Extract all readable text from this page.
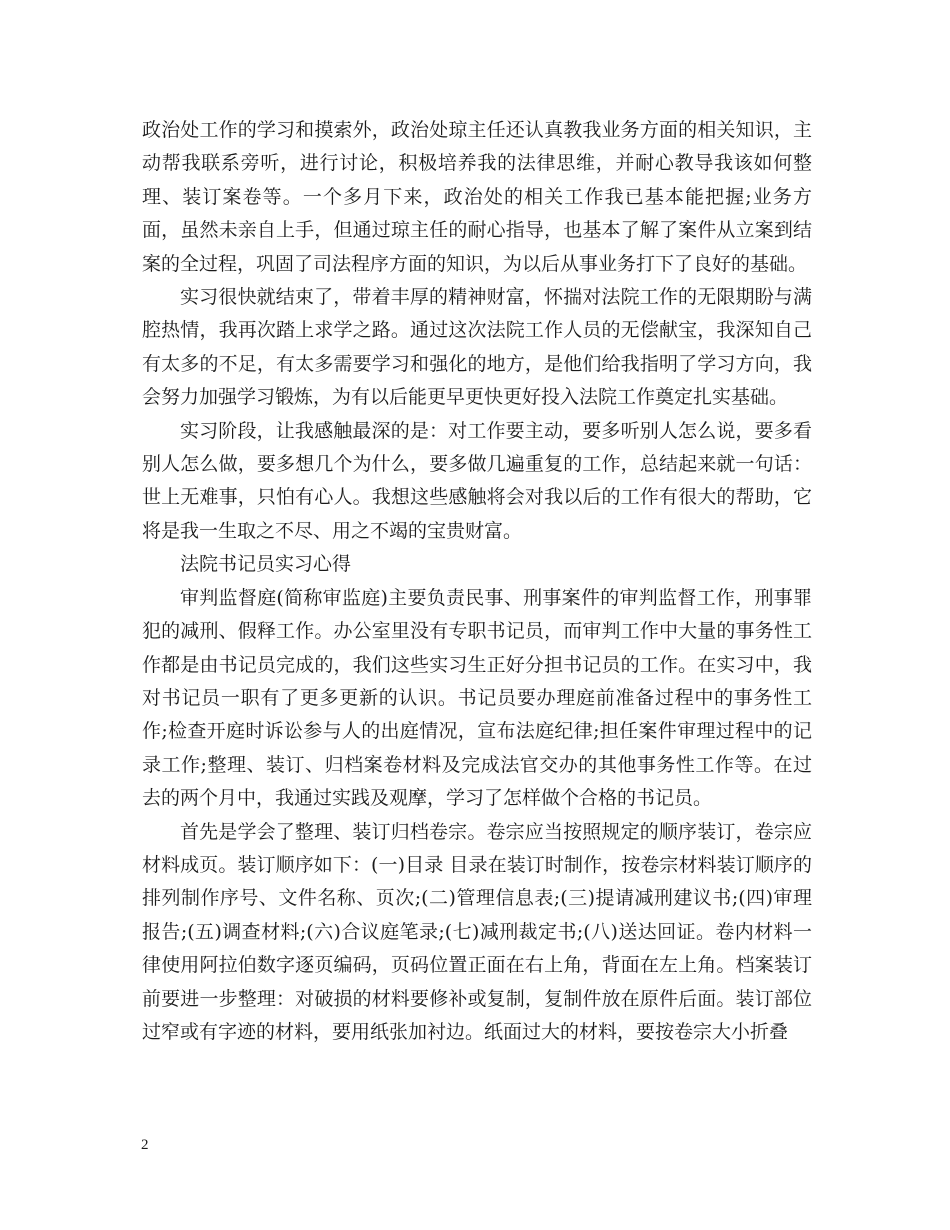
政治处工作的学习和摸索外，政治处琼主任还认真教我业务方面的相关知识，主动帮我联系旁听，进行讨论，积极培养我的法律思维，并耐心教导我该如何整理、装订案卷等。一个多月下来，政治处的相关工作我已基本能把握;业务方面，虽然未亲自上手，但通过琼主任的耐心指导，也基本了解了案件从立案到结案的全过程，巩固了司法程序方面的知识，为以后从事业务打下了良好的基础。

实习很快就结束了，带着丰厚的精神财富，怀揣对法院工作的无限期盼与满腔热情，我再次踏上求学之路。通过这次法院工作人员的无偿献宝，我深知自己有太多的不足，有太多需要学习和强化的地方，是他们给我指明了学习方向，我会努力加强学习锻炼，为有以后能更早更快更好投入法院工作奠定扎实基础。

实习阶段，让我感触最深的是：对工作要主动，要多听别人怎么说，要多看别人怎么做，要多想几个为什么，要多做几遍重复的工作，总结起来就一句话：世上无难事，只怕有心人。我想这些感触将会对我以后的工作有很大的帮助，它将是我一生取之不尽、用之不竭的宝贵财富。

法院书记员实习心得

审判监督庭(简称审监庭)主要负责民事、刑事案件的审判监督工作，刑事罪犯的减刑、假释工作。办公室里没有专职书记员，而审判工作中大量的事务性工作都是由书记员完成的，我们这些实习生正好分担书记员的工作。在实习中，我对书记员一职有了更多更新的认识。书记员要办理庭前准备过程中的事务性工作;检查开庭时诉讼参与人的出庭情况，宣布法庭纪律;担任案件审理过程中的记录工作;整理、装订、归档案卷材料及完成法官交办的其他事务性工作等。在过去的两个月中，我通过实践及观摩，学习了怎样做个合格的书记员。

首先是学会了整理、装订归档卷宗。卷宗应当按照规定的顺序装订，卷宗应材料成页。装订顺序如下：(一)目录 目录在装订时制作，按卷宗材料装订顺序的排列制作序号、文件名称、页次;(二)管理信息表;(三)提请减刑建议书;(四)审理报告;(五)调查材料;(六)合议庭笔录;(七)减刑裁定书;(八)送达回证。卷内材料一律使用阿拉伯数字逐页编码，页码位置正面在右上角，背面在左上角。档案装订前要进一步整理：对破损的材料要修补或复制，复制件放在原件后面。装订部位过窄或有字迹的材料，要用纸张加衬边。纸面过大的材料，要按卷宗大小折叠

2
